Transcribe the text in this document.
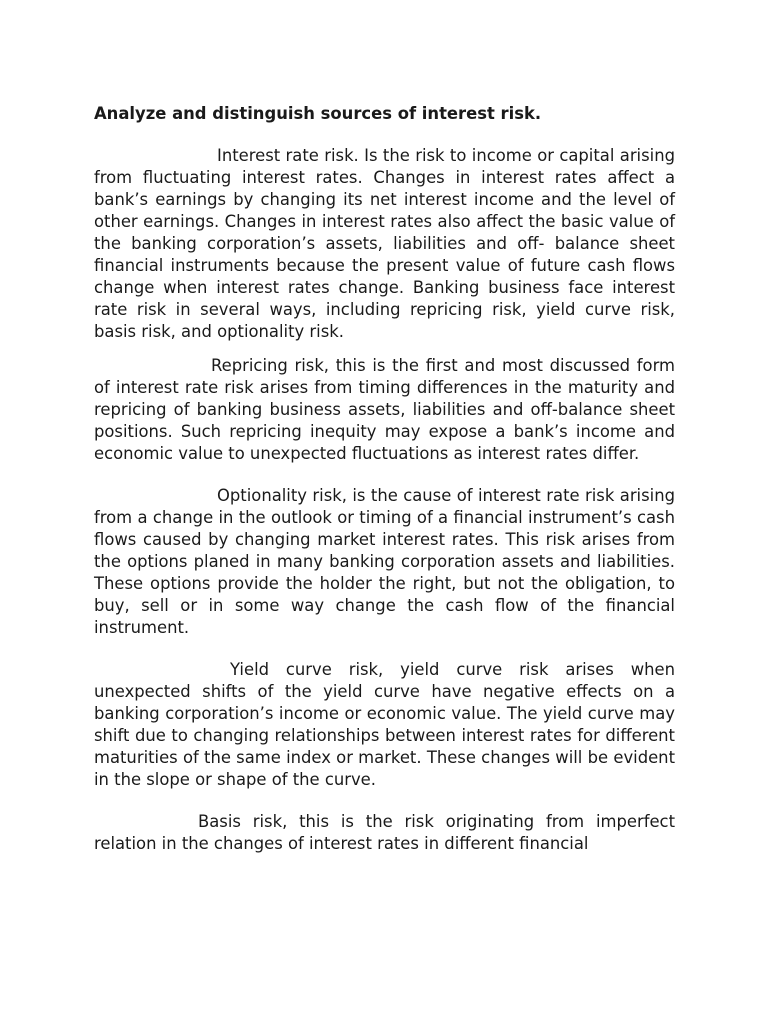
Analyze and distinguish sources of interest risk.

Interest rate risk. Is the risk to income or capital arising from fluctuating interest rates. Changes in interest rates affect a bank’s earnings by changing its net interest income and the level of other earnings. Changes in interest rates also affect the basic value of the banking corporation’s assets, liabilities and off- balance sheet financial instruments because the present value of future cash flows change when interest rates change. Banking business face interest rate risk in several ways, including repricing risk, yield curve risk, basis risk, and optionality risk.

Repricing risk, this is the first and most discussed form of interest rate risk arises from timing differences in the maturity and repricing of banking business assets, liabilities and off-balance sheet positions. Such repricing inequity may expose a bank’s income and economic value to unexpected fluctuations as interest rates differ.

Optionality risk, is the cause of interest rate risk arising from a change in the outlook or timing of a financial instrument’s cash flows caused by changing market interest rates. This risk arises from the options planed in many banking corporation assets and liabilities. These options provide the holder the right, but not the obligation, to buy, sell or in some way change the cash flow of the financial instrument.

Yield curve risk, yield curve risk arises when unexpected shifts of the yield curve have negative effects on a banking corporation’s income or economic value. The yield curve may shift due to changing relationships between interest rates for different maturities of the same index or market. These changes will be evident in the slope or shape of the curve.

Basis risk, this is the risk originating from imperfect relation in the changes of interest rates in different financial
